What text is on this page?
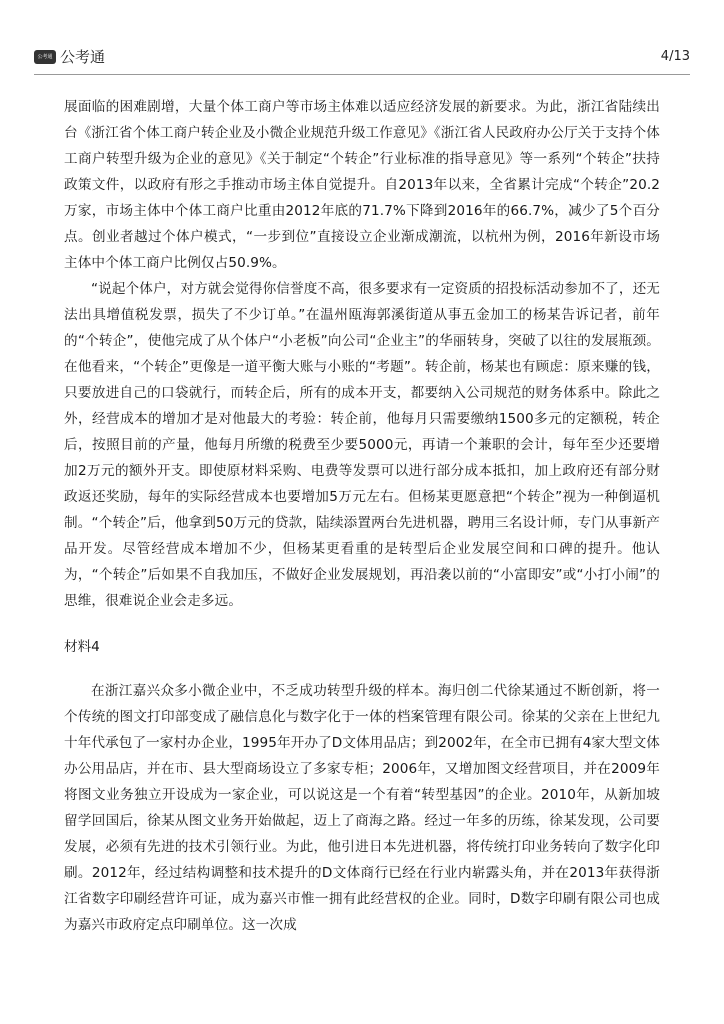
公考通 公考通	4/13

展面临的困难剧增，大量个体工商户等市场主体难以适应经济发展的新要求。为此，浙江省陆续出台《浙江省个体工商户转企业及小微企业规范升级工作意见》《浙江省人民政府办公厅关于支持个体工商户转型升级为企业的意见》《关于制定“个转企”行业标准的指导意见》等一系列“个转企”扶持政策文件，以政府有形之手推动市场主体自觉提升。自2013年以来，全省累计完成“个转企”20.2万家，市场主体中个体工商户比重由2012年底的71.7%下降到2016年的66.7%，减少了5个百分点。创业者越过个体户模式，“一步到位”直接设立企业渐成潮流，以杭州为例，2016年新设市场主体中个体工商户比例仅占50.9%。

“说起个体户，对方就会觉得你信誉度不高，很多要求有一定资质的招投标活动参加不了，还无法出具增值税发票，损失了不少订单。”在温州瓯海郭溪街道从事五金加工的杨某告诉记者，前年的“个转企”，使他完成了从个体户“小老板”向公司“企业主”的华丽转身，突破了以往的发展瓶颈。在他看来，“个转企”更像是一道平衡大账与小账的“考题”。转企前，杨某也有顾虑：原来赚的钱，只要放进自己的口袋就行，而转企后，所有的成本开支，都要纳入公司规范的财务体系中。除此之外，经营成本的增加才是对他最大的考验：转企前，他每月只需要缴纳1500多元的定额税，转企后，按照目前的产量，他每月所缴的税费至少要5000元，再请一个兼职的会计，每年至少还要增加2万元的额外开支。即使原材料采购、电费等发票可以进行部分成本抵扣，加上政府还有部分财政返还奖励，每年的实际经营成本也要增加5万元左右。但杨某更愿意把“个转企”视为一种倒逼机制。“个转企”后，他拿到50万元的贷款，陆续添置两台先进机器，聘用三名设计师，专门从事新产品开发。尽管经营成本增加不少，但杨某更看重的是转型后企业发展空间和口碑的提升。他认为，“个转企”后如果不自我加压，不做好企业发展规划，再沿袭以前的“小富即安”或“小打小闹”的思维，很难说企业会走多远。

材料4

在浙江嘉兴众多小微企业中，不乏成功转型升级的样本。海归创二代徐某通过不断创新，将一个传统的图文打印部变成了融信息化与数字化于一体的档案管理有限公司。徐某的父亲在上世纪九十年代承包了一家村办企业，1995年开办了D文体用品店；到2002年，在全市已拥有4家大型文体办公用品店，并在市、县大型商场设立了多家专柜；2006年，又增加图文经营项目，并在2009年将图文业务独立开设成为一家企业，可以说这是一个有着“转型基因”的企业。2010年，从新加坡留学回国后，徐某从图文业务开始做起，迈上了商海之路。经过一年多的历练，徐某发现，公司要发展，必须有先进的技术引领行业。为此，他引进日本先进机器，将传统打印业务转向了数字化印刷。2012年，经过结构调整和技术提升的D文体商行已经在行业内崭露头角，并在2013年获得浙江省数字印刷经营许可证，成为嘉兴市惟一拥有此经营权的企业。同时，D数字印刷有限公司也成为嘉兴市政府定点印刷单位。这一次成
